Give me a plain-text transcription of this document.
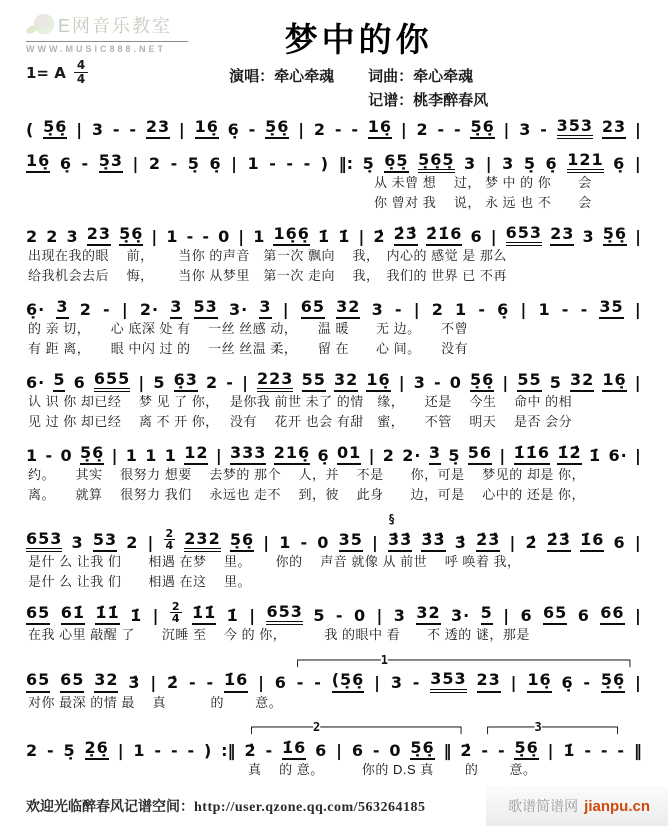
E网音乐教室
WWW.MUSIC888.NET
1= A $\frac{4}{4}$
梦中的你
演唱：牵心牵魂 词曲：牵心牵魂
记谱：桃李醉春风
( 5̣6̣ | 3 - - 23 | 16̣ 6̣ - 5̣6̣ | 2 - - 16̣ | 2 - - 5̣6̣ | 3 - 353 23 |
16̣ 6̣ - 5̣3 | 2 - 5̣ 6̣ | 1 - - - ) ‖: 5̣ 6̣5̣ 5̣6̣5̣ 3 | 3 5̣ 6̣ 121 6̣ |
从 未曾 想　 过， 梦 中 的 你　　会
你 曾对 我　 说， 永 远 也 不　　会
2 2 3 23 5̣6̣ | 1 - - 0 | 1 16̣6̣ 1̇ 1̇ | 2̇ 2̇3̇ 2̇1̇6 6 | 653 23 3 5̣6̣ |
出现在我的眼　 前，　　 当你 的声音　第一次 飘向　 我，　内心的 感觉 是 那么
给我机会去后　 悔，　　 当你 从梦里　第一次 走向　 我，　我们的 世界 已 不再
6̣· 3 2 - | 2· 3 53 3· 3 | 65 32 3 - | 2 1 - 6̣ | 1 - - 35 |
的 亲 切，　　心 底深 处 有　 一丝 丝感 动，　　温 暖　　无 边。　　不曾
有 距 离，　　眼 中闪 过 的　 一丝 丝温 柔，　　留 在　　心 间。　　没有
6· 5 6 655 | 5 6̣3 2 - | 223 55 32 16̣ | 3 - 0 5̣6̣ | 55 5 32 16̣ |
认 识 你 却已经　 梦 见 了 你，　 是你我 前世 未了 的情　缘，　　还是　 今生　 命中 的相
见 过 你 却已经　 离 不 开 你，　 没有　 花开 也会 有甜　蜜，　　不管　 明天　 是否 会分
1 - 0 5̣6̣ | 1 1 1 12 | 333 216̣ 6̣ 01 | 2 2· 3 5̣ 56 | 1̇1̇6 1̇2̇ 1̇ 6· |
约。　　其实　 很努力 想要　 去梦的 那个　 人，并　 不是　　你，可是　 梦见的 却是 你，
离。　　就算　 很努力 我们　 永远也 走不　 到，彼　 此身　　边，可是　 心中的 还是 你，
§
653 3 53 2 | 2
4 232 5̣6̣ | 1 - 0 35 | 3̇3̇ 3̇3̇ 3̇ 2̇3̇ | 2̇ 2̇3̇ 1̇6 6 |
是什 么 让我 们　　相遇 在梦　 里。　　 你的　 声音 就像 从 前世　 呼 唤着 我，
是什 么 让我 们　　相遇 在这　 里。
65 61̇ 1̇1̇ 1̇ | 2
4 1̇1̇ 1̇ | 653 5 - 0 | 3 32 3· 5 | 6 65 6 66 |
在我 心里 敲醒 了　　沉睡 至　 今 的 你，　　　 我 的眼中 看　　不 透的 谜，那是
┌───────────1─────────────────────────────────┐
65 65 32 3̇ | 2̇ - - 1̇6 | 6 - - (5̣6̣ | 3 - 353 23 | 16̣ 6̣ - 5̣6̣ |
对你 最深 的情 最　 真　　　 的　　 意。
┌────────2───────────────────┐　 ┌──────3──────────┐
2 - 5̣ 2̣6̣ | 1 - - - ) :‖ 2̇ - 1̇6 6 | 6 - 0 5̣6̣ ‖ 2̇ - - 5̣6̣ | 1̇ - - - ‖
真　 的 意。　　　 你的 D.S 真　　 的　　 意。
欢迎光临醉春风记谱空间：http://user.qzone.qq.com/563264185	歌谱简谱网 jianpu.cn
